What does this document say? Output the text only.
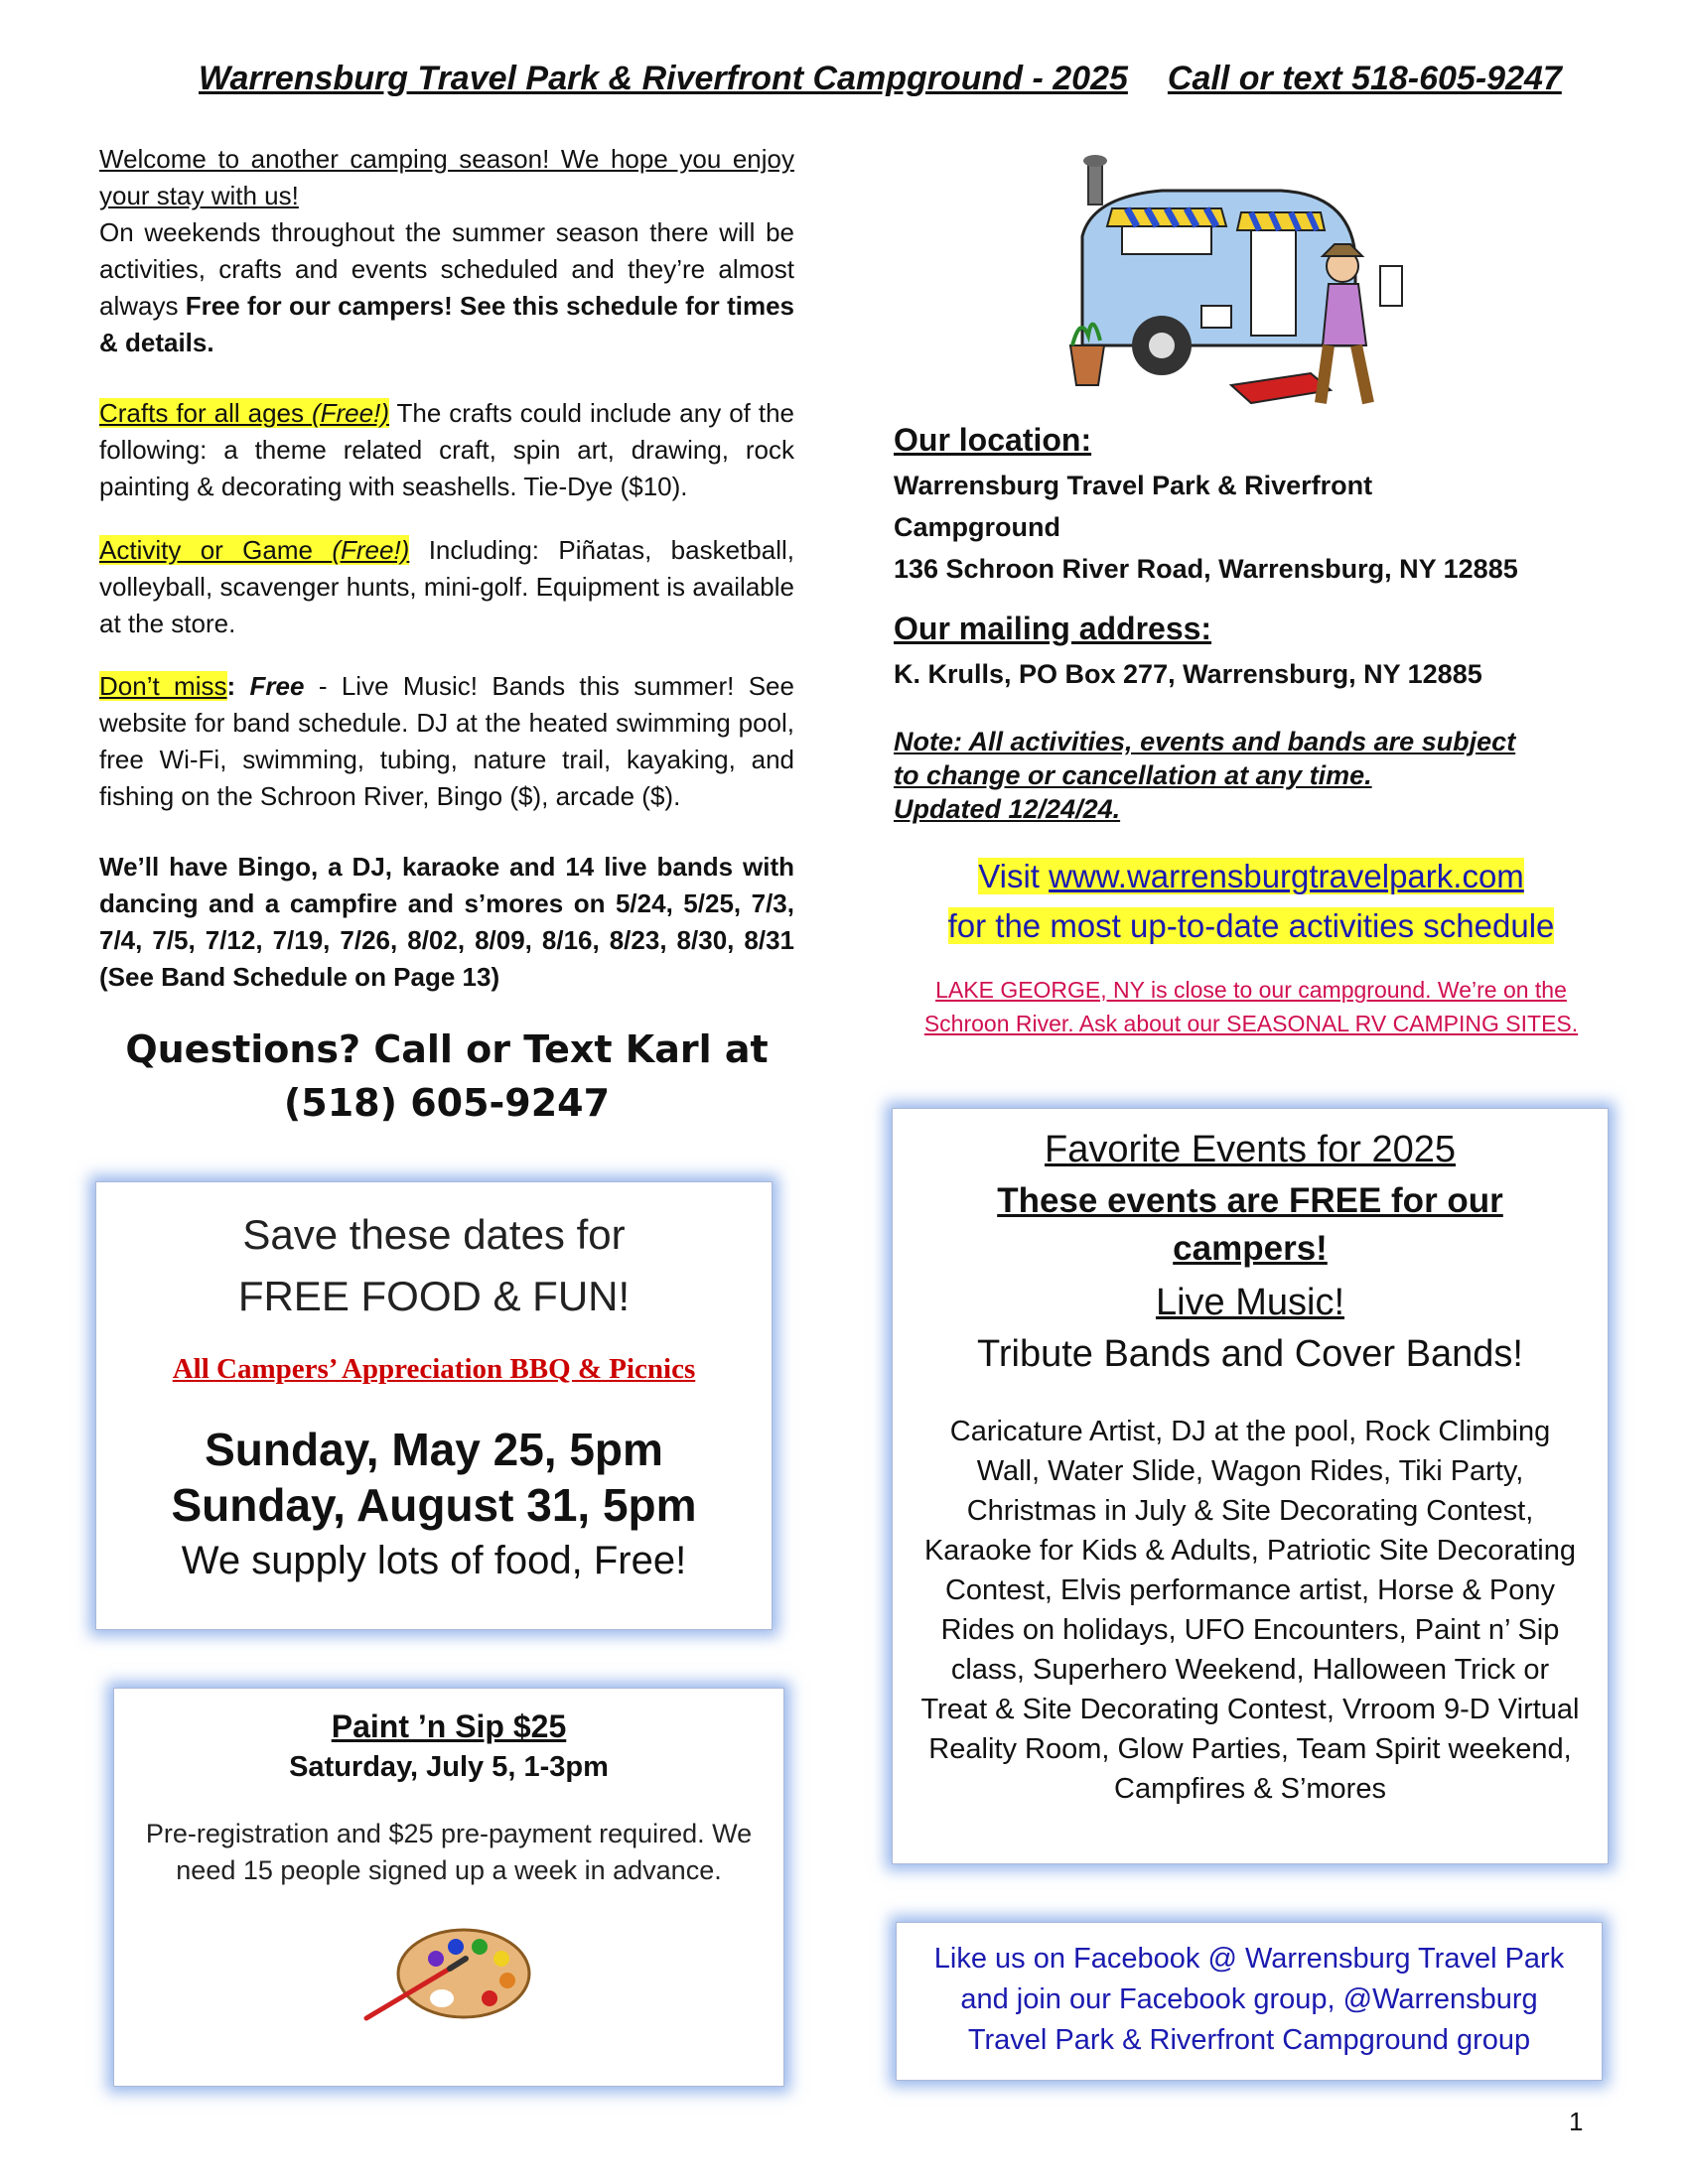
Warrensburg Travel Park & Riverfront Campground - 2025 Call or text 518-605-9247

Welcome to another camping season! We hope you enjoy your stay with us!

On weekends throughout the summer season there will be activities, crafts and events scheduled and they’re almost always Free for our campers! See this schedule for times & details.

Crafts for all ages (Free!) The crafts could include any of the following: a theme related craft, spin art, drawing, rock painting & decorating with seashells. Tie-Dye ($10).

Activity or Game (Free!) Including: Piñatas, basketball, volleyball, scavenger hunts, mini-golf. Equipment is available at the store.

Don’t miss: Free - Live Music! Bands this summer! See website for band schedule. DJ at the heated swimming pool, free Wi-Fi, swimming, tubing, nature trail, kayaking, and fishing on the Schroon River, Bingo ($), arcade ($).

We’ll have Bingo, a DJ, karaoke and 14 live bands with dancing and a campfire and s’mores on 5/24, 5/25, 7/3, 7/4, 7/5, 7/12, 7/19, 7/26, 8/02, 8/09, 8/16, 8/23, 8/30, 8/31 (See Band Schedule on Page 13)

Questions? Call or Text Karl at
(518) 605-9247
Save these dates for
FREE FOOD & FUN!
All Campers’ Appreciation BBQ & Picnics
Sunday, May 25, 5pm
Sunday, August 31, 5pm
We supply lots of food, Free!
Paint ’n Sip $25
Saturday, July 5, 1-3pm
Pre-registration and $25 pre-payment required. We need 15 people signed up a week in advance.
Our location:
Warrensburg Travel Park & Riverfront
Campground
136 Schroon River Road, Warrensburg, NY 12885
Our mailing address:
K. Krulls, PO Box 277, Warrensburg, NY 12885
Note: All activities, events and bands are subject
to change or cancellation at any time.
Updated 12/24/24.
Visit www.warrensburgtravelpark.com
for the most up-to-date activities schedule
LAKE GEORGE, NY is close to our campground. We’re on the
Schroon River. Ask about our SEASONAL RV CAMPING SITES.
Favorite Events for 2025
These events are FREE for our campers!
Live Music!
Tribute Bands and Cover Bands!
Caricature Artist, DJ at the pool, Rock Climbing Wall, Water Slide, Wagon Rides, Tiki Party, Christmas in July & Site Decorating Contest, Karaoke for Kids & Adults, Patriotic Site Decorating Contest, Elvis performance artist, Horse & Pony Rides on holidays, UFO Encounters, Paint n’ Sip class, Superhero Weekend, Halloween Trick or Treat & Site Decorating Contest, Vrroom 9-D Virtual Reality Room, Glow Parties, Team Spirit weekend, Campfires & S’mores
Like us on Facebook @ Warrensburg Travel Park and join our Facebook group, @Warrensburg Travel Park & Riverfront Campground group
1
